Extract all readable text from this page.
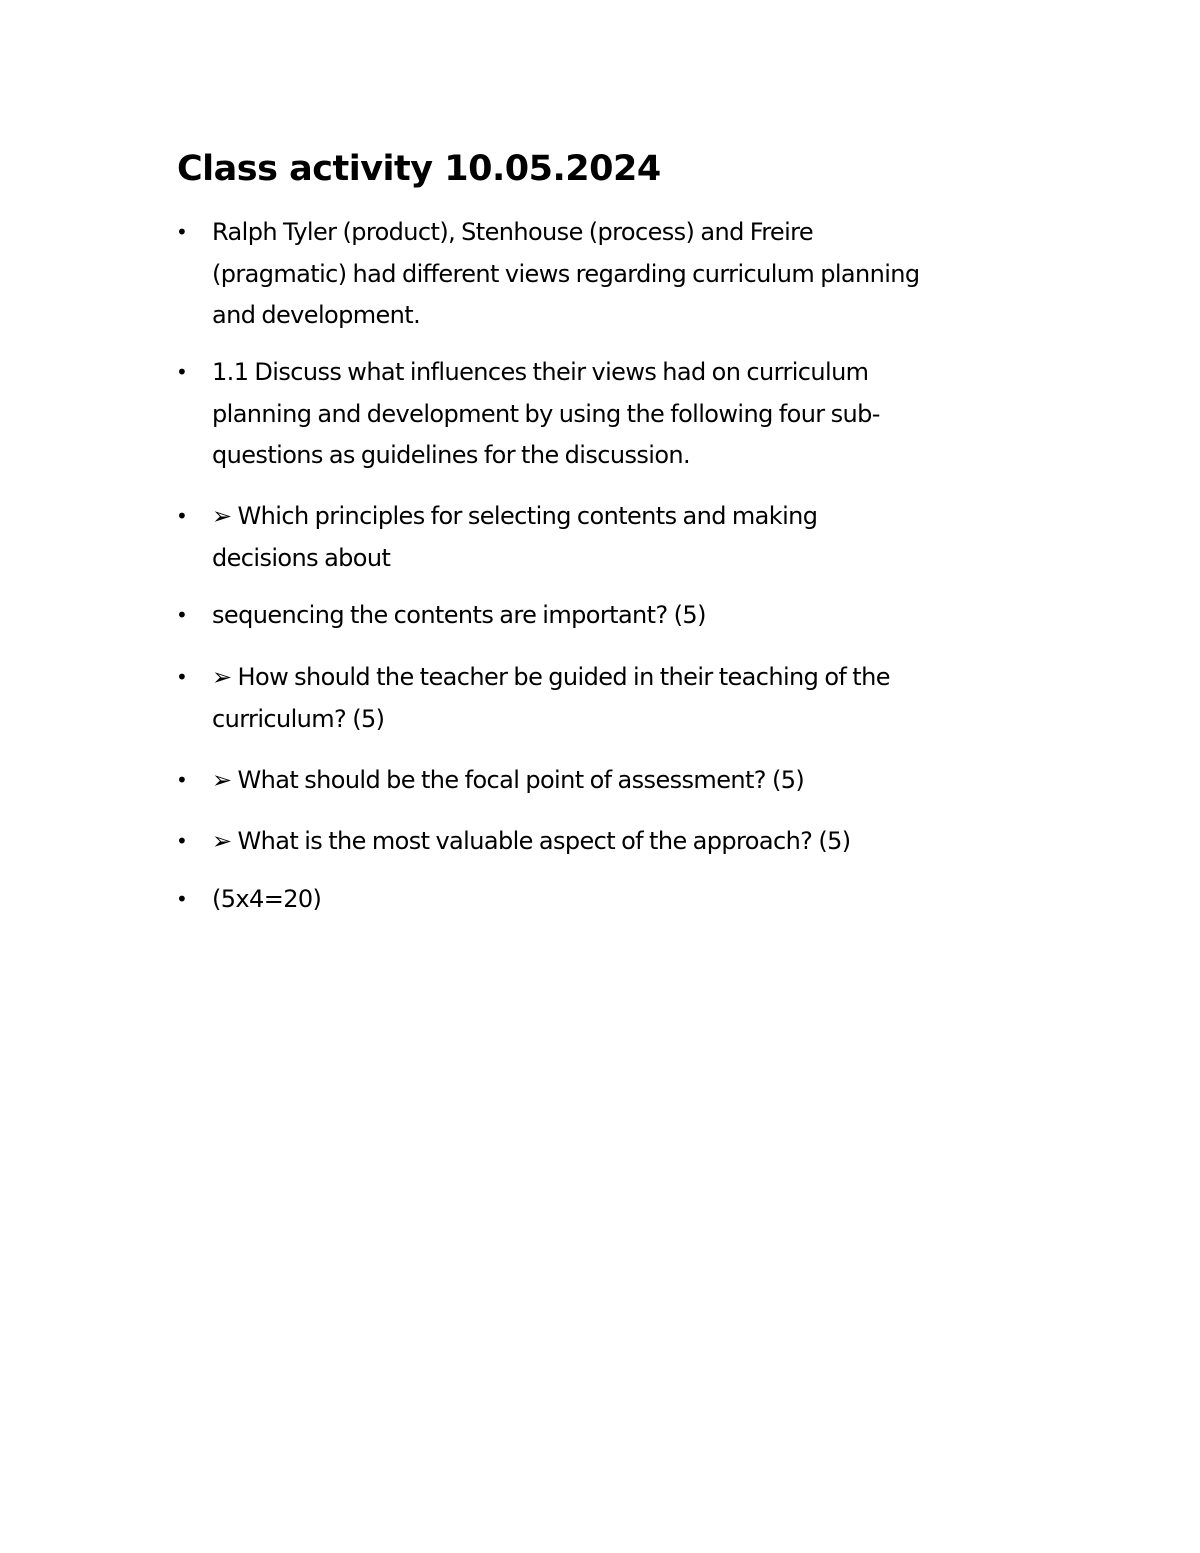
Class activity 10.05.2024
• Ralph Tyler (product), Stenhouse (process) and Freire
(pragmatic) had different views regarding curriculum planning
and development.
• 1.1 Discuss what influences their views had on curriculum
planning and development by using the following four sub-
questions as guidelines for the discussion.
• ➢ Which principles for selecting contents and making
decisions about
• sequencing the contents are important? (5)
• ➢ How should the teacher be guided in their teaching of the
curriculum? (5)
• ➢ What should be the focal point of assessment? (5)
• ➢ What is the most valuable aspect of the approach? (5)
• (5x4=20)
